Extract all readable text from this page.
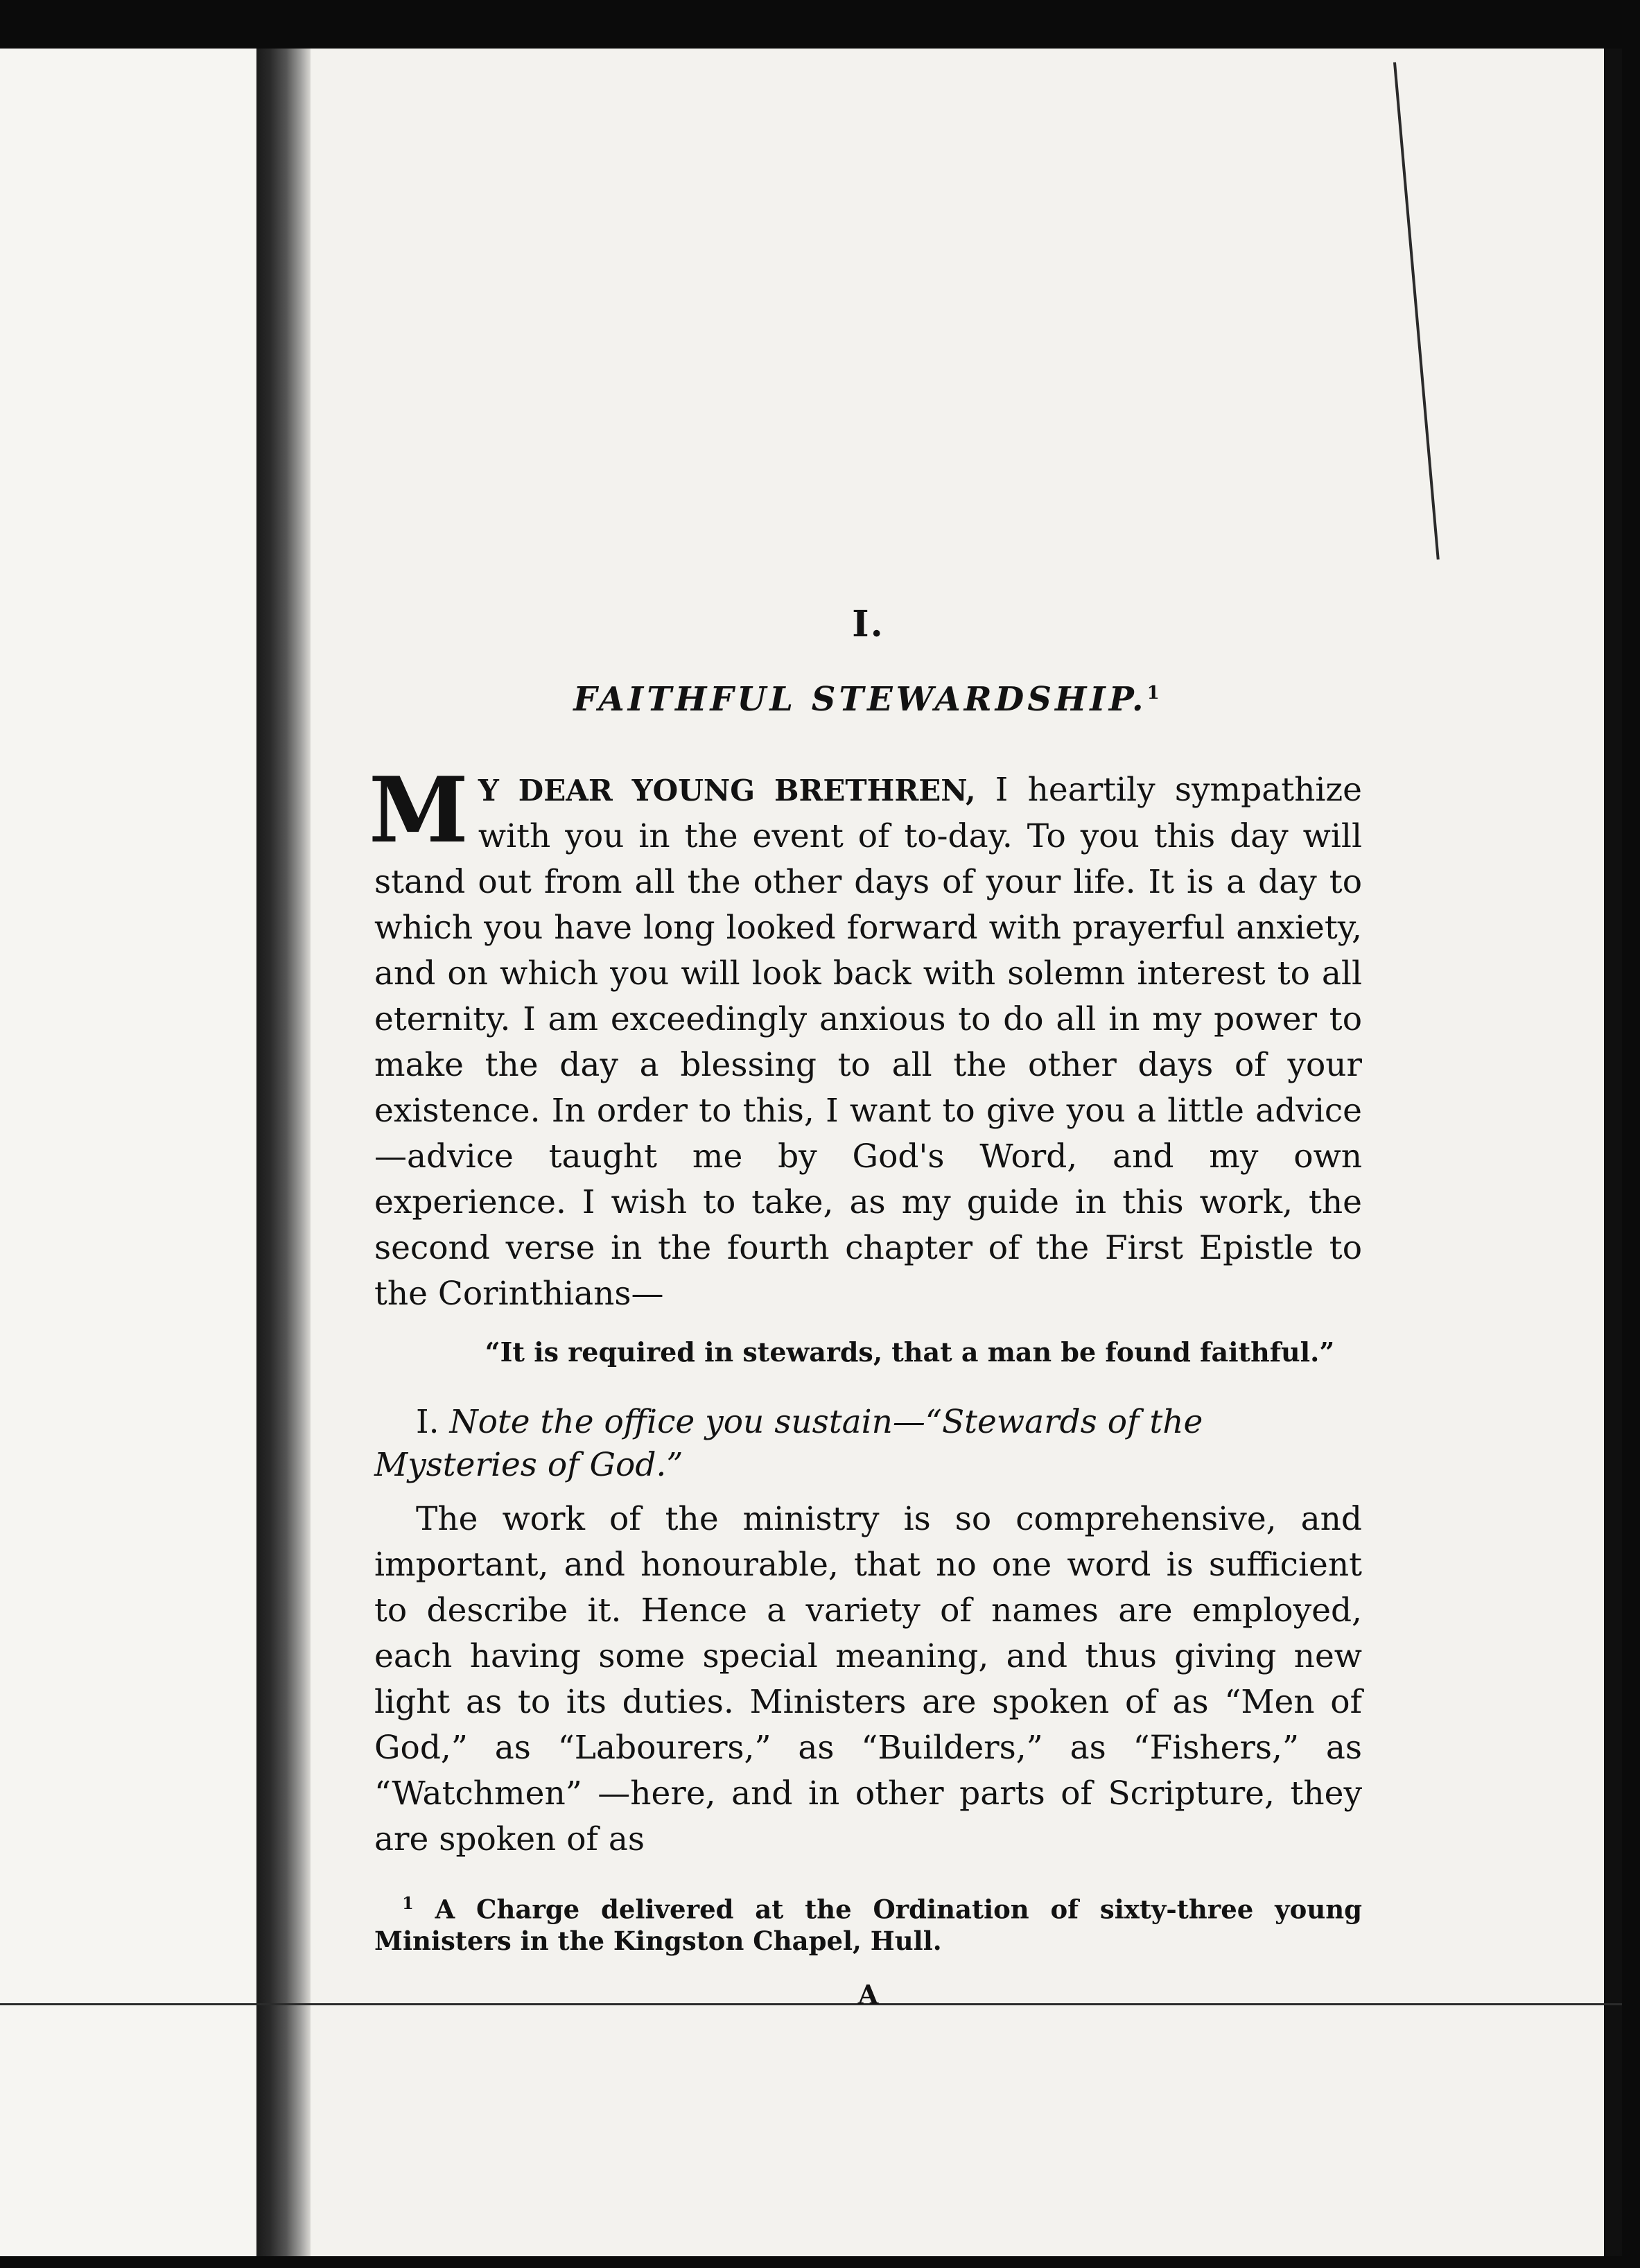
I.
FAITHFUL STEWARDSHIP.$^1$

M Y DEAR YOUNG BRETHREN, I heartily sympathize with you in the event of to-day. To you this day will stand out from all the other days of your life. It is a day to which you have long looked forward with prayerful anxiety, and on which you will look back with solemn interest to all eternity. I am exceedingly anxious to do all in my power to make the day a blessing to all the other days of your existence. In order to this, I want to give you a little advice—advice taught me by God's Word, and my own experience. I wish to take, as my guide in this work, the second verse in the fourth chapter of the First Epistle to the Corinthians—

“It is required in stewards, that a man be found faithful.”

I. Note the office you sustain—“Stewards of the Mysteries of God.”

The work of the ministry is so comprehensive, and important, and honourable, that no one word is sufficient to describe it. Hence a variety of names are employed, each having some special meaning, and thus giving new light as to its duties. Ministers are spoken of as “Men of God,” as “Labourers,” as “Builders,” as “Fishers,” as “Watchmen” —here, and in other parts of Scripture, they are spoken of as

$^1$ A Charge delivered at the Ordination of sixty-three young Ministers in the Kingston Chapel, Hull.
A
